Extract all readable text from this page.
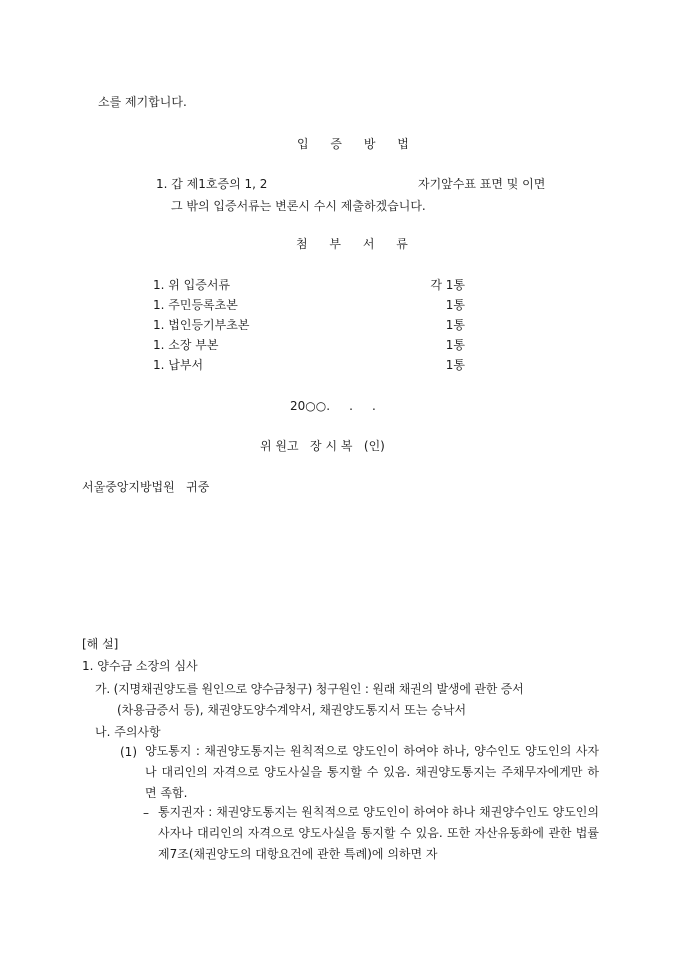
소를 제기합니다.
입 증 방 법
1. 갑 제1호증의 1, 2	자기앞수표 표면 및 이면
그 밖의 입증서류는 변론시 수시 제출하겠습니다.
첨 부 서 류
1. 위 입증서류	각 1통
1. 주민등록초본	1통
1. 법인등기부초본	1통
1. 소장 부본	1통
1. 납부서	1통
20○○.     .     .
위 원고   장 시 복   (인)
서울중앙지방법원   귀중
[해 설]
1. 양수금 소장의 심사
가. (지명채권양도를 원인으로 양수금청구) 청구원인 : 원래 채권의 발생에 관한 증서
(차용금증서 등), 채권양도양수계약서, 채권양도통지서 또는 승낙서
나. 주의사항
(1) 양도통지 : 채권양도통지는 원칙적으로 양도인이 하여야 하나, 양수인도 양도인의 사자나 대리인의 자격으로 양도사실을 통지할 수 있음. 채권양도통지는 주채무자에게만 하면 족함.
– 통지권자 : 채권양도통지는 원칙적으로 양도인이 하여야 하나 채권양수인도 양도인의 사자나 대리인의 자격으로 양도사실을 통지할 수 있음. 또한 자산유동화에 관한 법률 제7조(채권양도의 대항요건에 관한 특례)에 의하면 자
